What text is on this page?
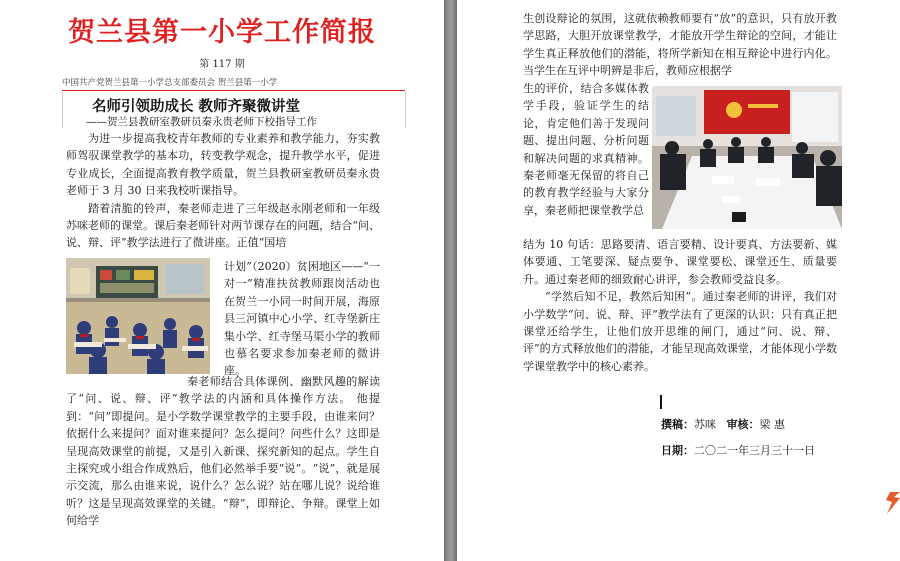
贺兰县第一小学工作简报
第 117 期
中国共产党贺兰县第一小学总支部委员会 贺兰县第一小学
名师引领助成长 教师齐聚微讲堂
——贺兰县教研室教研员秦永贵老师下校指导工作

为进一步提高我校青年教师的专业素养和教学能力，夯实教师驾驭课堂教学的基本功，转变教学观念，提升教学水平，促进专业成长，全面提高教育教学质量，贺兰县教研室教研员秦永贵老师于 3 月 30 日来我校听课指导。

踏着清脆的铃声，秦老师走进了三年级赵永刚老师和一年级苏咪老师的课堂。课后秦老师针对两节课存在的问题，结合“问、说、辩、评”教学法进行了微讲座。正值“国培

计划”（2020）贫困地区——“一对一”精准扶贫教师跟岗活动也在贺兰一小同一时间开展，海原县三河镇中心小学、红寺堡新庄集小学、红寺堡马渠小学的教师也慕名要求参加秦老师的微讲座。

秦老师结合具体课例、幽默风趣的解读了“问、说、辩、评”教学法的内涵和具体操作方法。 他提到：“问”即提问。是小学数学课堂教学的主要手段，由谁来问？依据什么来提问？面对谁来提问？怎么提问？问些什么？这即是呈现高效课堂的前提，又是引入新课、探究新知的起点。学生自主探究或小组合作成熟后，他们必然举手要“说”。“说”，就是展示交流，那么由谁来说，说什么？怎么说？站在哪儿说？说给谁听？这是呈现高效课堂的关键。“辩”，即辩论、争辩。课堂上如何给学

生创设辩论的氛围，这就依赖教师要有“放”的意识，只有放开教学思路，大胆开放课堂教学，才能放开学生辩论的空间，才能让学生真正释放他们的潜能，将所学新知在相互辩论中进行内化。当学生在互评中明辨是非后，教师应根据学

生的评价，结合多媒体教学手段，验证学生的结论，肯定他们善于发现问题、提出问题、分析问题和解决问题的求真精神。秦老师毫无保留的将自己的教育教学经验与大家分享，秦老师把课堂教学总

结为 10 句话：思路要清、语言要精、设计要真、方法要新、媒体要通、工笔要深、疑点要争、课堂要松、课堂还生、质量要升。通过秦老师的细致耐心讲评，参会教师受益良多。

“学然后知不足，教然后知困”。通过秦老师的讲评，我们对小学数学“问、说、辩、评”教学法有了更深的认识：只有真正把课堂还给学生，让他们放开思维的闸门，通过“问、说、辩、评”的方式释放他们的潜能，才能呈现高效课堂，才能体现小学数学课堂教学中的核心素养。

撰稿：苏咪 审核：梁 惠
日期：二〇二一年三月三十一日
